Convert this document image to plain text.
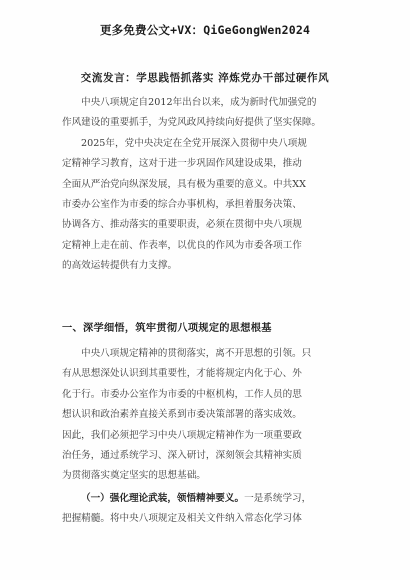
更多免费公文+VX：QiGeGongWen2024
交流发言：学思践悟抓落实 淬炼党办干部过硬作风
中央八项规定自2012年出台以来，成为新时代加强党的
作风建设的重要抓手，为党风政风持续向好提供了坚实保障。
2025年，党中央决定在全党开展深入贯彻中央八项规
定精神学习教育，这对于进一步巩固作风建设成果，推动
全面从严治党向纵深发展，具有极为重要的意义。中共XX
市委办公室作为市委的综合办事机构，承担着服务决策、
协调各方、推动落实的重要职责，必须在贯彻中央八项规
定精神上走在前、作表率，以优良的作风为市委各项工作
的高效运转提供有力支撑。
一、深学细悟，筑牢贯彻八项规定的思想根基
中央八项规定精神的贯彻落实，离不开思想的引领。只
有从思想深处认识到其重要性，才能将规定内化于心、外
化于行。市委办公室作为市委的中枢机构，工作人员的思
想认识和政治素养直接关系到市委决策部署的落实成效。
因此，我们必须把学习中央八项规定精神作为一项重要政
治任务，通过系统学习、深入研讨，深刻领会其精神实质
为贯彻落实奠定坚实的思想基础。
（一）强化理论武装，领悟精神要义。一是系统学习，
把握精髓。将中央八项规定及相关文件纳入常态化学习体
